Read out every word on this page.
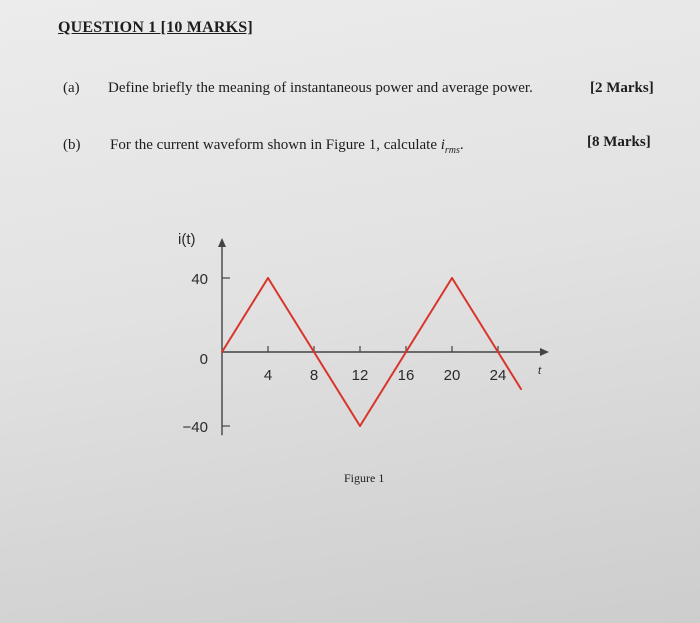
QUESTION 1 [10 MARKS]
(a) Define briefly the meaning of instantaneous power and average power.	[2 Marks]
(b) For the current waveform shown in Figure 1, calculate $i_{rms}$.	[8 Marks]
40
0
−40
4	8 12 16 20 24
i(t)
t
Figure 1
